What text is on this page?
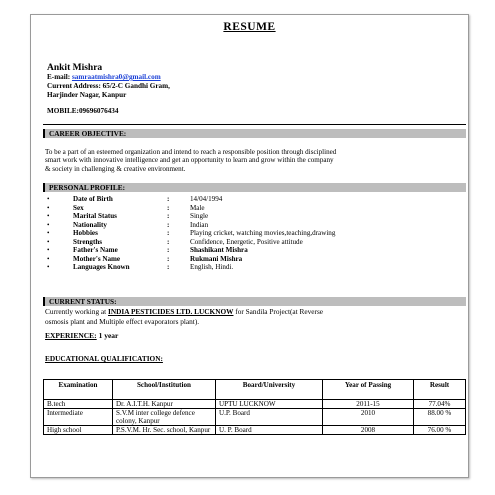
RESUME
Ankit Mishra
E-mail: samraatmishra0@gmail.com
Current Address: 65/2-C Gandhi Gram,
Harjinder Nagar, Kanpur
MOBILE:09696076434
CAREER OBJECTIVE:
To be a part of an esteemed organization and intend to reach a responsible position through disciplined
smart work with innovative intelligence and get an opportunity to learn and grow within the company
& society in challenging & creative environment.
PERSONAL PROFILE:
•	Date of Birth	:	14/04/1994
•	Sex	:	Male
•	Marital Status	:	Single
•	Nationality	:	Indian
•	Hobbies	:	Playing cricket, watching movies,teaching,drawing
•	Strengths	:	Confidence, Energetic, Positive attitude
•	Father's Name	:	Shashikant Mishra
•	Mother's Name	:	Rukmani Mishra
•	Languages Known	:	English, Hindi.
CURRENT STATUS:
Currently working at INDIA PESTICIDES LTD. LUCKNOW for Sandila Project(at Reverse
osmosis plant and Multiple effect evaporators plant).
EXPERIENCE: 1 year
EDUCATIONAL QUALIFICATION:
Examination	School/Institution	Board/University	Year of Passing	Result
B.tech	Dr. A.I.T.H. Kanpur	UPTU LUCKNOW	2011-15	77.04%
Intermediate	S.V.M inter college defence colony, Kanpur	U.P. Board	2010	88.00 %
High school	P.S.V.M. Hr. Sec. school, Kanpur	U. P. Board	2008	76.00 %
